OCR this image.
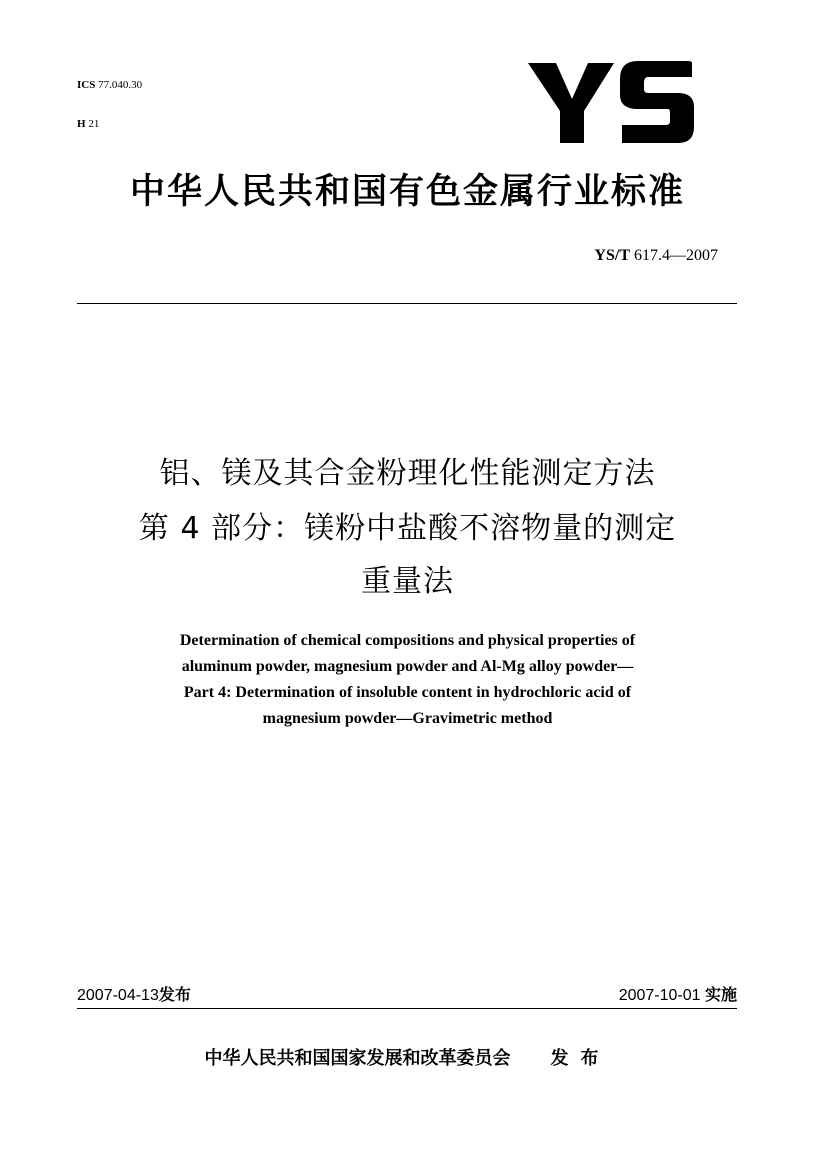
ICS 77.040.30

H 21

中华人民共和国有色金属行业标准
YS/T 617.4—2007
铝、镁及其合金粉理化性能测定方法
第 4 部分：镁粉中盐酸不溶物量的测定
重量法
Determination of chemical compositions and physical properties of
aluminum powder, magnesium powder and Al-Mg alloy powder—
Part 4: Determination of insoluble content in hydrochloric acid of
magnesium powder—Gravimetric method
2007-04-13发布	2007-10-01 实施
中华人民共和国国家发展和改革委员会 发布
